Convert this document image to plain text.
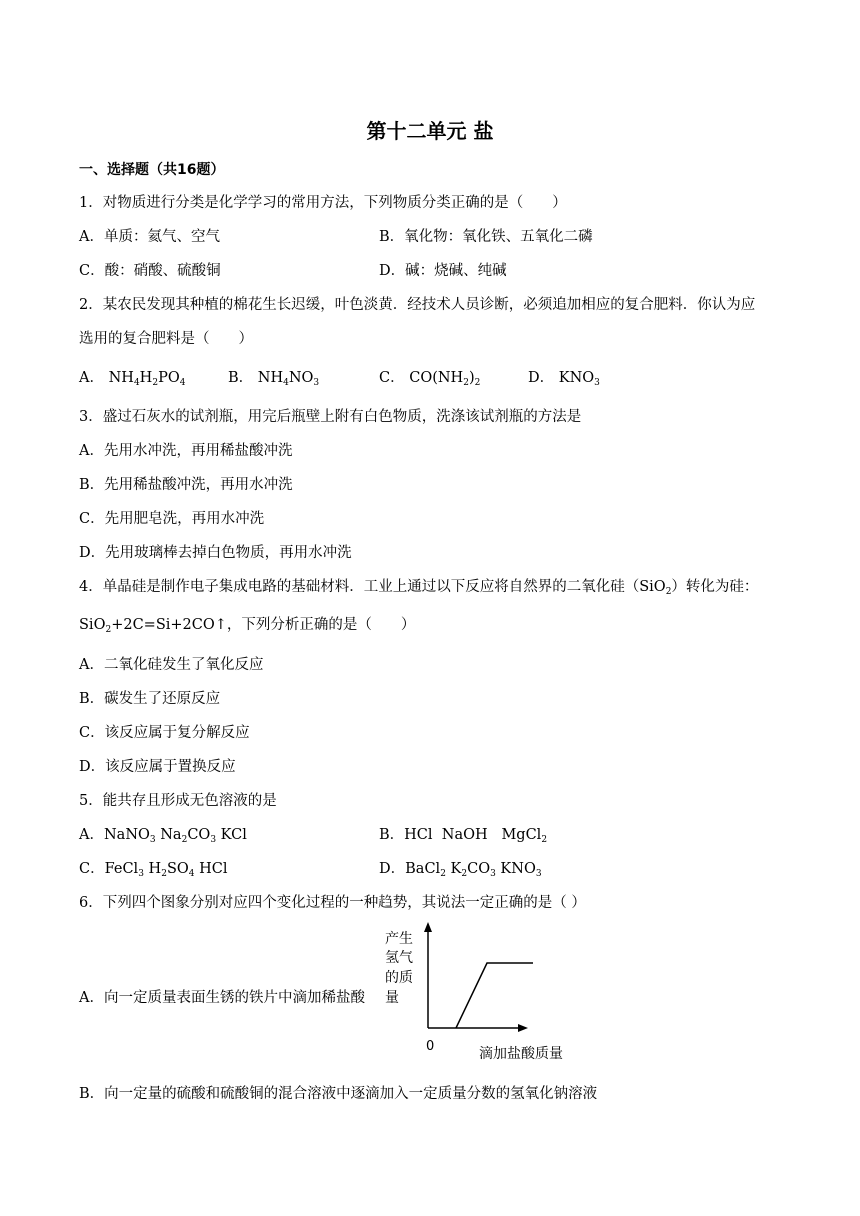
第十二单元 盐
一、选择题（共16题）
1．对物质进行分类是化学学习的常用方法，下列物质分类正确的是（　　）
A．单质：氦气、空气	B．氧化物：氧化铁、五氧化二磷
C．酸：硝酸、硫酸铜	D．碱：烧碱、纯碱
2．某农民发现其种植的棉花生长迟缓，叶色淡黄．经技术人员诊断，必须追加相应的复合肥料．你认为应
选用的复合肥料是（　　）
A． $NH_4H_2PO_4$	B． $NH_4NO_3$	C． $CO(NH_2)_2$	D． $KNO_3$
3．盛过石灰水的试剂瓶，用完后瓶壁上附有白色物质，洗涤该试剂瓶的方法是
A．先用水冲洗，再用稀盐酸冲洗
B．先用稀盐酸冲洗，再用水冲洗
C．先用肥皂洗，再用水冲洗
D．先用玻璃棒去掉白色物质，再用水冲洗
4．单晶硅是制作电子集成电路的基础材料．工业上通过以下反应将自然界的二氧化硅（SiO$_2$）转化为硅：
SiO$_2$+2C=Si+2CO↑，下列分析正确的是（　　）
A．二氧化硅发生了氧化反应
B．碳发生了还原反应
C．该反应属于复分解反应
D．该反应属于置换反应
5．能共存且形成无色溶液的是
A．NaNO$_3$ $Na_2CO_3$ KCl	B．HCl  NaOH   MgCl$_2$
C．FeCl$_3$ $H_2SO_4$ HCl	D．BaCl$_2$ $K_2CO_3$ $KNO_3$
6．下列四个图象分别对应四个变化过程的一种趋势，其说法一定正确的是（ ）
A．向一定质量表面生锈的铁片中滴加稀盐酸
产生
氢气
的质
量
0	滴加盐酸质量
B．向一定量的硫酸和硫酸铜的混合溶液中逐滴加入一定质量分数的氢氧化钠溶液
